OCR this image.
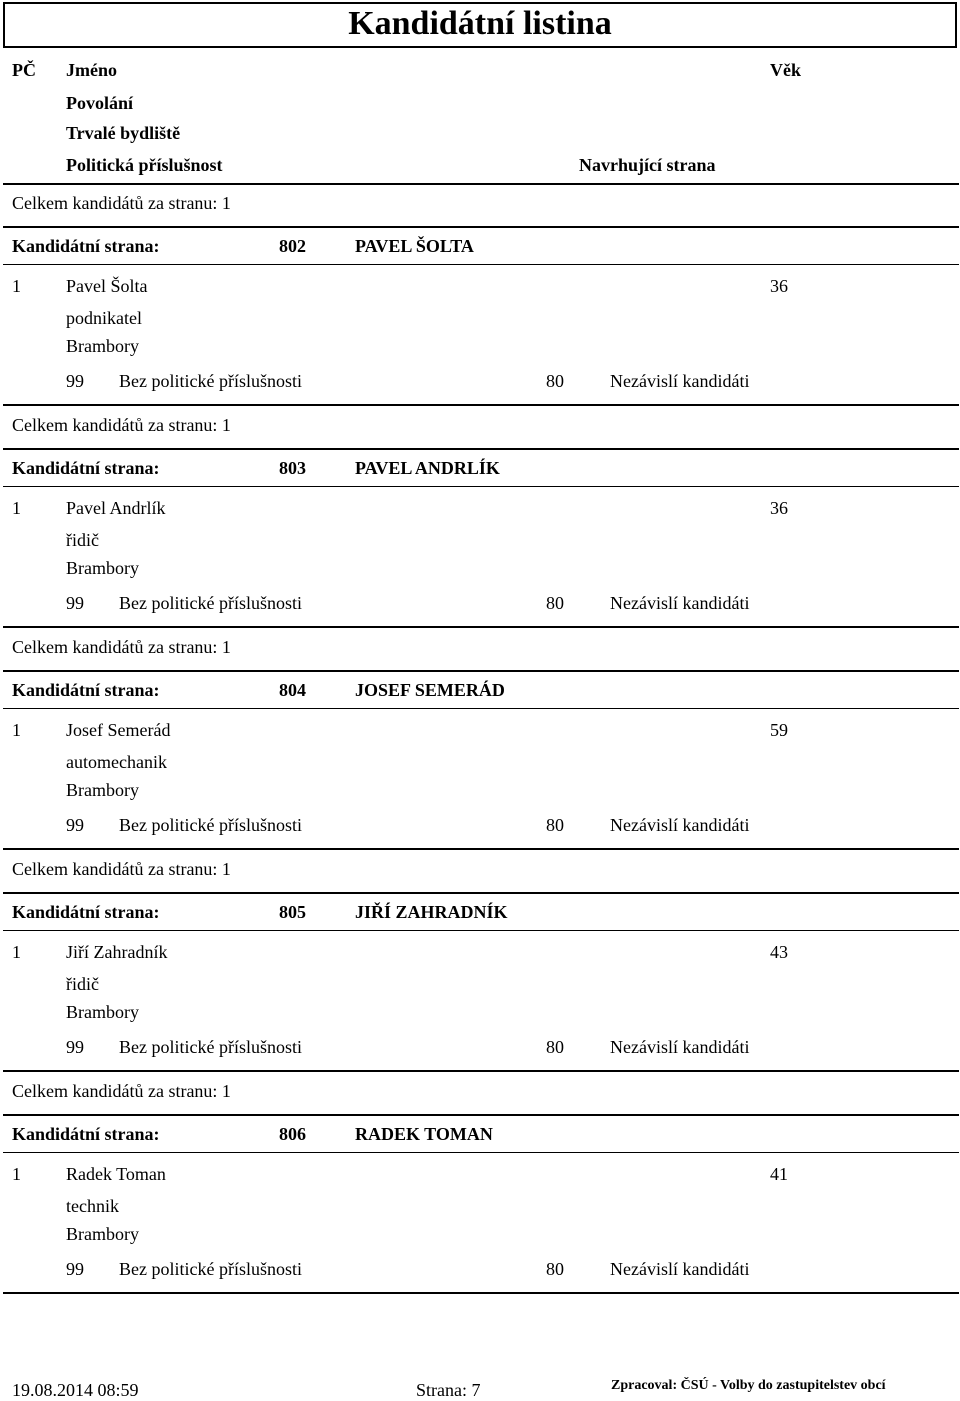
Kandidátní listina
PČ Jméno	Věk
Povolání
Trvalé bydliště
Politická příslušnost	Navrhující strana
Celkem kandidátů za stranu: 1
Kandidátní strana:	802	PAVEL ŠOLTA
1	Pavel Šolta	36
podnikatel
Brambory
99 Bez politické příslušnosti	80	Nezávislí kandidáti
Celkem kandidátů za stranu: 1
Kandidátní strana:	803	PAVEL ANDRLÍK
1	Pavel Andrlík	36
řidič
Brambory
99 Bez politické příslušnosti	80	Nezávislí kandidáti
Celkem kandidátů za stranu: 1
Kandidátní strana:	804	JOSEF SEMERÁD
1	Josef Semerád	59
automechanik
Brambory
99 Bez politické příslušnosti	80	Nezávislí kandidáti
Celkem kandidátů za stranu: 1
Kandidátní strana:	805	JIŘÍ ZAHRADNÍK
1	Jiří Zahradník	43
řidič
Brambory
99 Bez politické příslušnosti	80	Nezávislí kandidáti
Celkem kandidátů za stranu: 1
Kandidátní strana:	806	RADEK TOMAN
1	Radek Toman	41
technik
Brambory
99 Bez politické příslušnosti	80	Nezávislí kandidáti
19.08.2014 08:59	Strana: 7	Zpracoval: ČSÚ - Volby do zastupitelstev obcí
